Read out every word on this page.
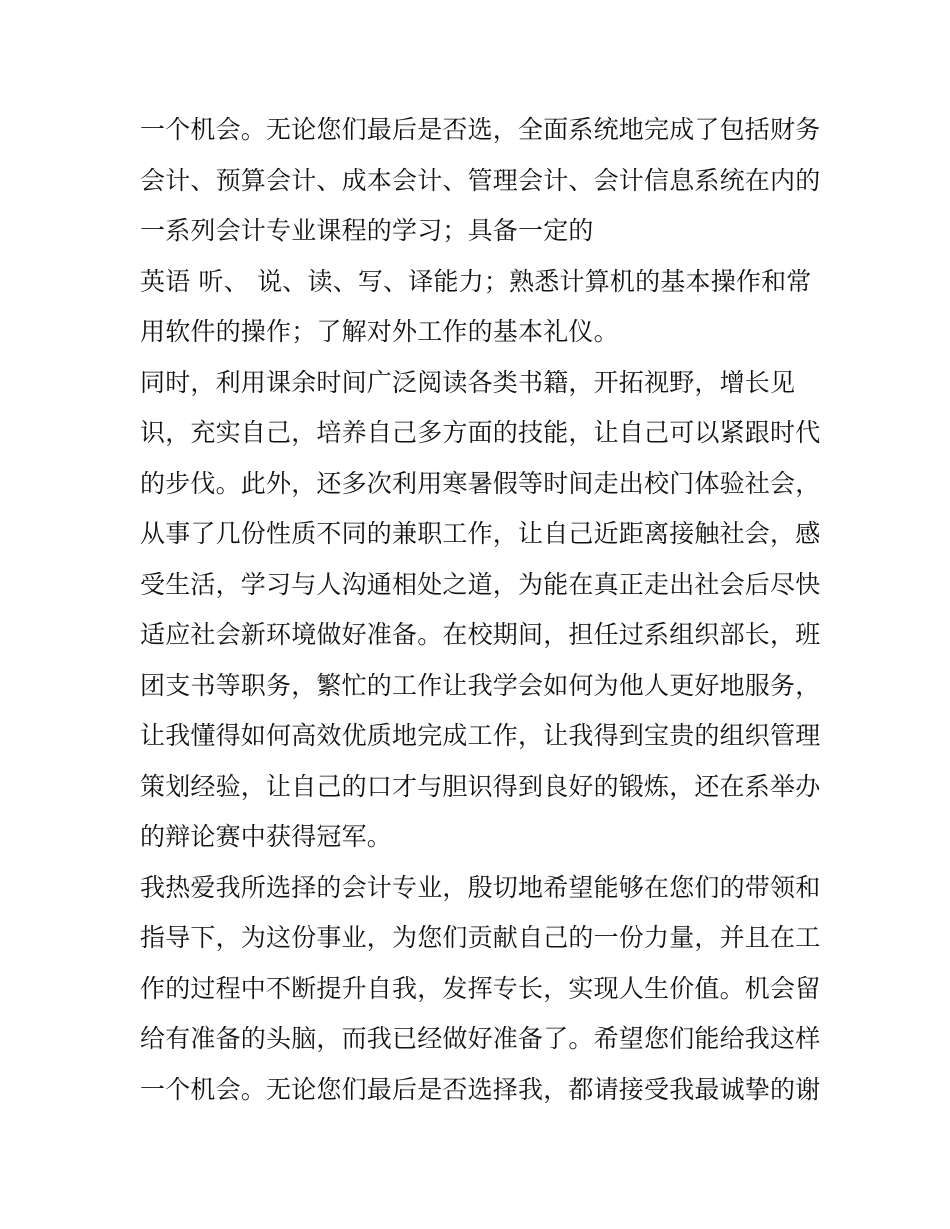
一个机会。无论您们最后是否选，全面系统地完成了包括财务
会计、预算会计、成本会计、管理会计、会计信息系统在内的
一系列会计专业课程的学习；具备一定的
英语 听、 说、读、写、译能力；熟悉计算机的基本操作和常
用软件的操作；了解对外工作的基本礼仪。
同时，利用课余时间广泛阅读各类书籍，开拓视野，增长见
识，充实自己，培养自己多方面的技能，让自己可以紧跟时代
的步伐。此外，还多次利用寒暑假等时间走出校门体验社会，
从事了几份性质不同的兼职工作，让自己近距离接触社会，感
受生活，学习与人沟通相处之道，为能在真正走出社会后尽快
适应社会新环境做好准备。在校期间，担任过系组织部长，班
团支书等职务，繁忙的工作让我学会如何为他人更好地服务，
让我懂得如何高效优质地完成工作，让我得到宝贵的组织管理
策划经验，让自己的口才与胆识得到良好的锻炼，还在系举办
的辩论赛中获得冠军。
我热爱我所选择的会计专业，殷切地希望能够在您们的带领和
指导下，为这份事业，为您们贡献自己的一份力量，并且在工
作的过程中不断提升自我，发挥专长，实现人生价值。机会留
给有准备的头脑，而我已经做好准备了。希望您们能给我这样
一个机会。无论您们最后是否选择我，都请接受我最诚挚的谢
